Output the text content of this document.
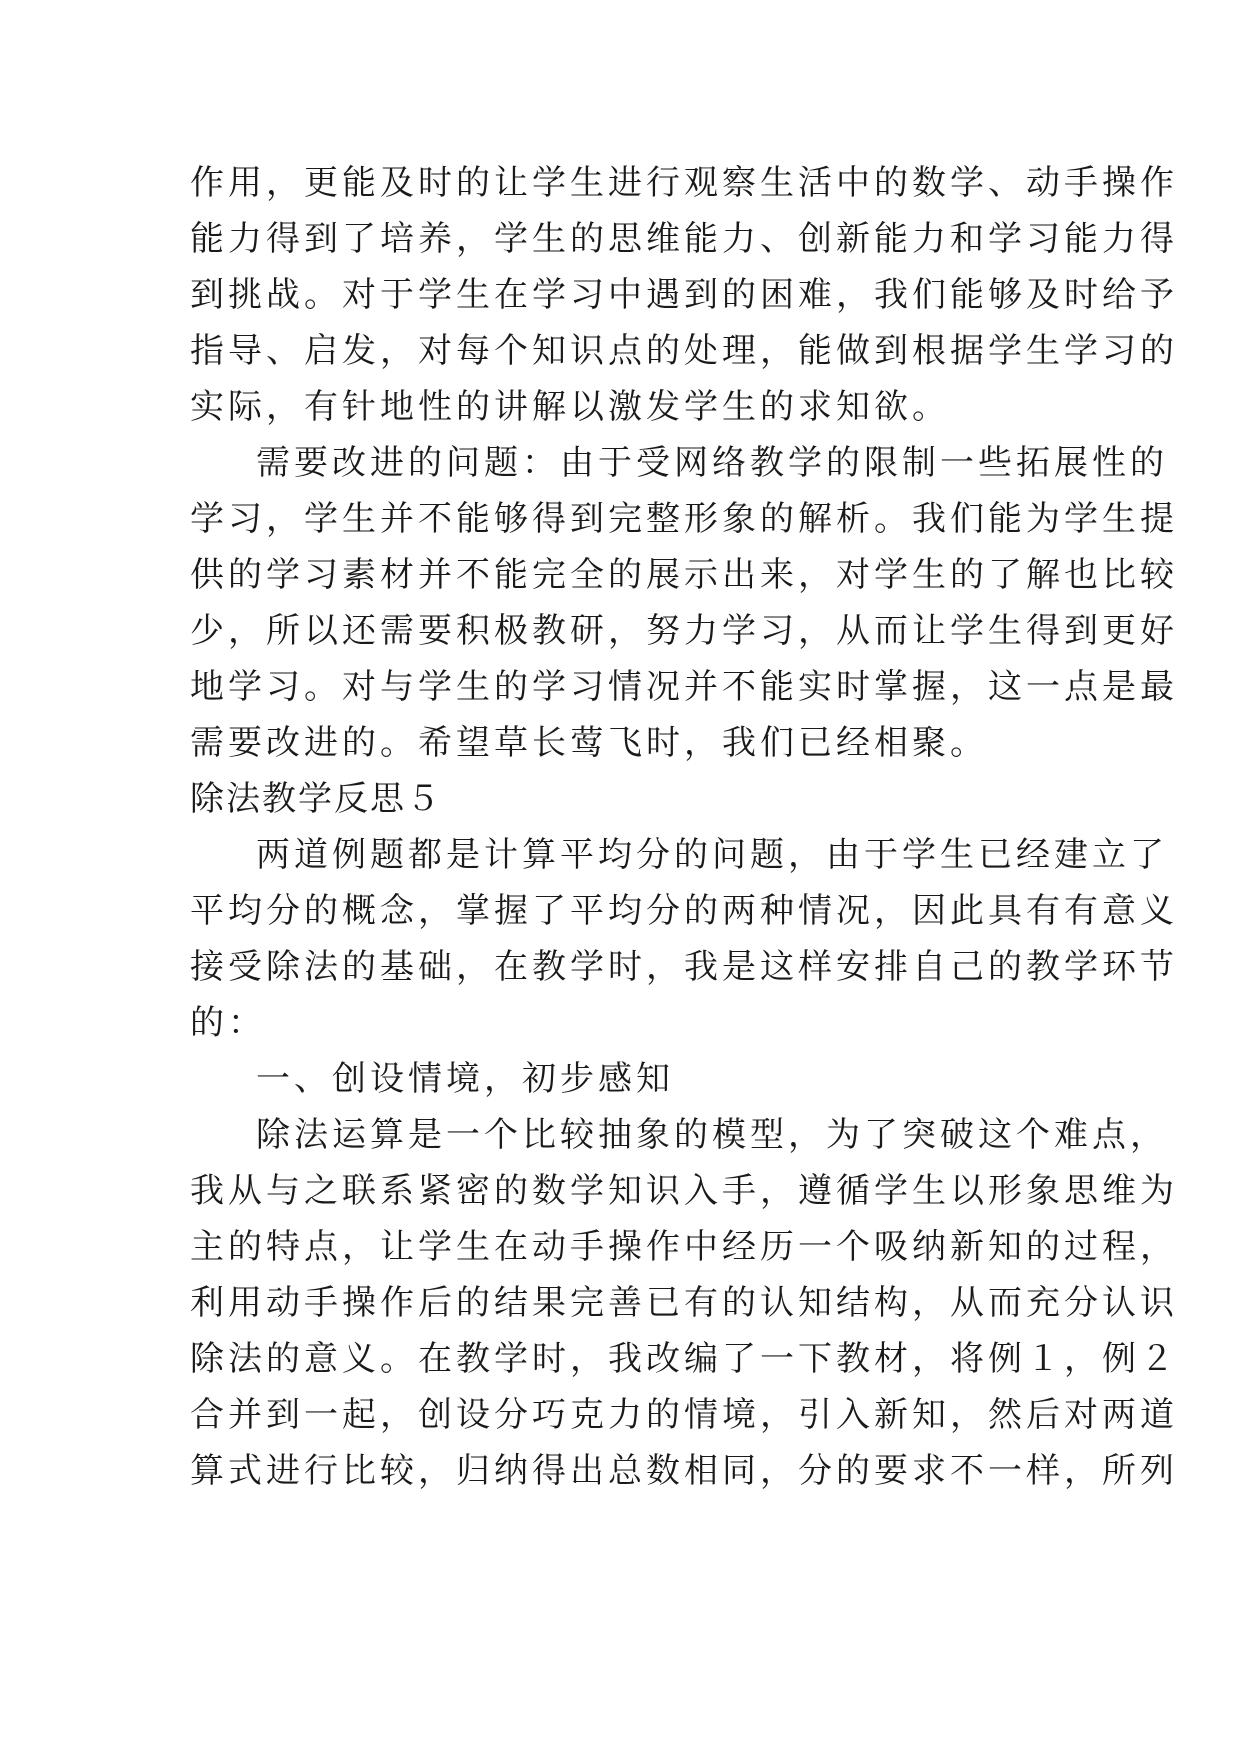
作用，更能及时的让学生进行观察生活中的数学、动手操作
能力得到了培养，学生的思维能力、创新能力和学习能力得
到挑战。对于学生在学习中遇到的困难，我们能够及时给予
指导、启发，对每个知识点的处理，能做到根据学生学习的
实际，有针地性的讲解以激发学生的求知欲。
需要改进的问题：由于受网络教学的限制一些拓展性的
学习，学生并不能够得到完整形象的解析。我们能为学生提
供的学习素材并不能完全的展示出来，对学生的了解也比较
少，所以还需要积极教研，努力学习，从而让学生得到更好
地学习。对与学生的学习情况并不能实时掌握，这一点是最
需要改进的。希望草长莺飞时，我们已经相聚。
除法教学反思５
两道例题都是计算平均分的问题，由于学生已经建立了
平均分的概念，掌握了平均分的两种情况，因此具有有意义
接受除法的基础，在教学时，我是这样安排自己的教学环节
的：
一、创设情境，初步感知
除法运算是一个比较抽象的模型，为了突破这个难点，
我从与之联系紧密的数学知识入手，遵循学生以形象思维为
主的特点，让学生在动手操作中经历一个吸纳新知的过程，
利用动手操作后的结果完善已有的认知结构，从而充分认识
除法的意义。在教学时，我改编了一下教材，将例１，例２
合并到一起，创设分巧克力的情境，引入新知，然后对两道
算式进行比较，归纳得出总数相同，分的要求不一样，所列
